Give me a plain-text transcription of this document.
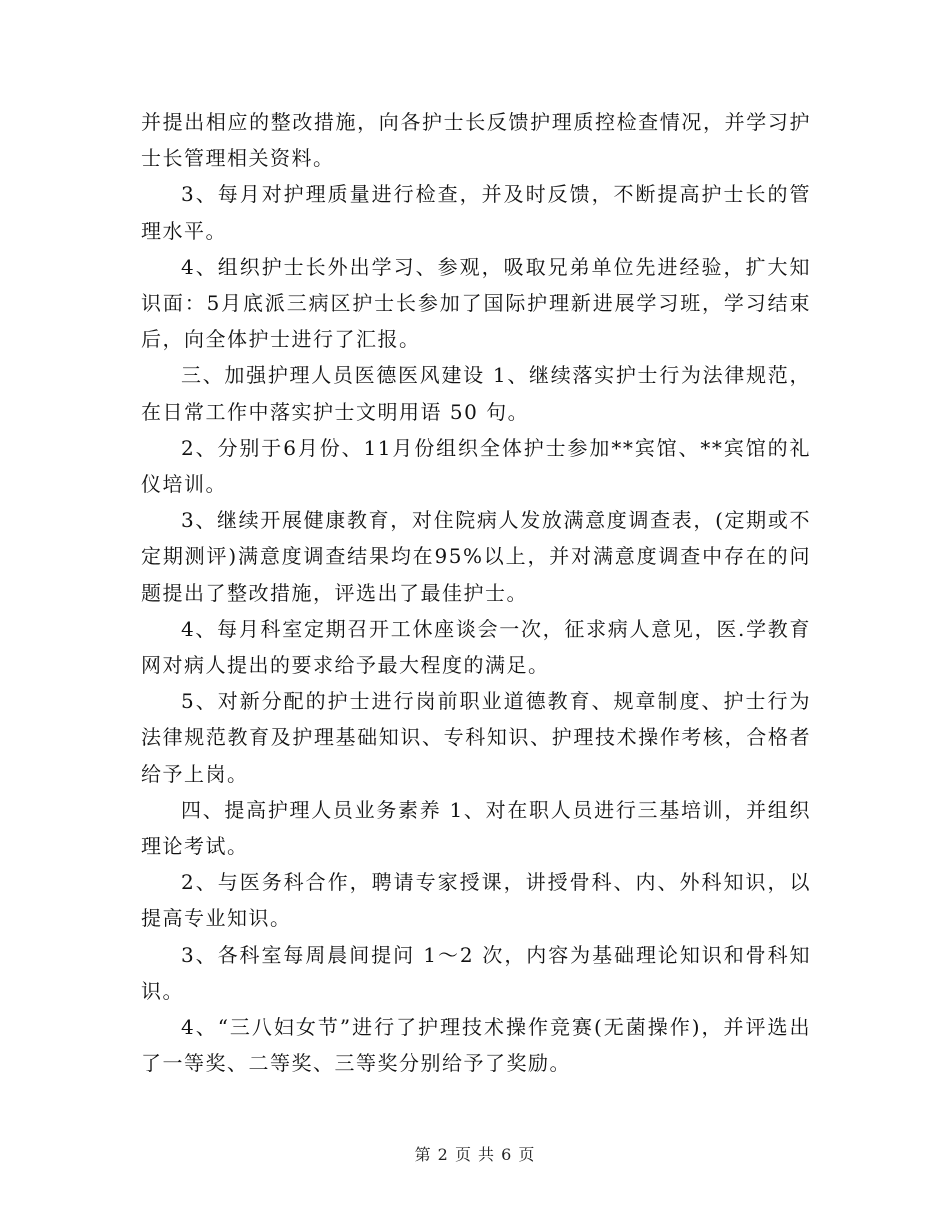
并提出相应的整改措施，向各护士长反馈护理质控检查情况，并学习护士长管理相关资料。

3、每月对护理质量进行检查，并及时反馈，不断提高护士长的管理水平。

4、组织护士长外出学习、参观，吸取兄弟单位先进经验，扩大知识面：5月底派三病区护士长参加了国际护理新进展学习班，学习结束后，向全体护士进行了汇报。

三、加强护理人员医德医风建设 1、继续落实护士行为法律规范，在日常工作中落实护士文明用语 50 句。

2、分别于6月份、11月份组织全体护士参加**宾馆、**宾馆的礼仪培训。

3、继续开展健康教育，对住院病人发放满意度调查表，(定期或不定期测评)满意度调查结果均在95%以上，并对满意度调查中存在的问题提出了整改措施，评选出了最佳护士。

4、每月科室定期召开工休座谈会一次，征求病人意见，医.学教育网对病人提出的要求给予最大程度的满足。

5、对新分配的护士进行岗前职业道德教育、规章制度、护士行为法律规范教育及护理基础知识、专科知识、护理技术操作考核，合格者给予上岗。

四、提高护理人员业务素养 1、对在职人员进行三基培训，并组织理论考试。

2、与医务科合作，聘请专家授课，讲授骨科、内、外科知识，以提高专业知识。

3、各科室每周晨间提问 1～2 次，内容为基础理论知识和骨科知识。

4、“三八妇女节”进行了护理技术操作竞赛(无菌操作)，并评选出了一等奖、二等奖、三等奖分别给予了奖励。

第 2 页 共 6 页
